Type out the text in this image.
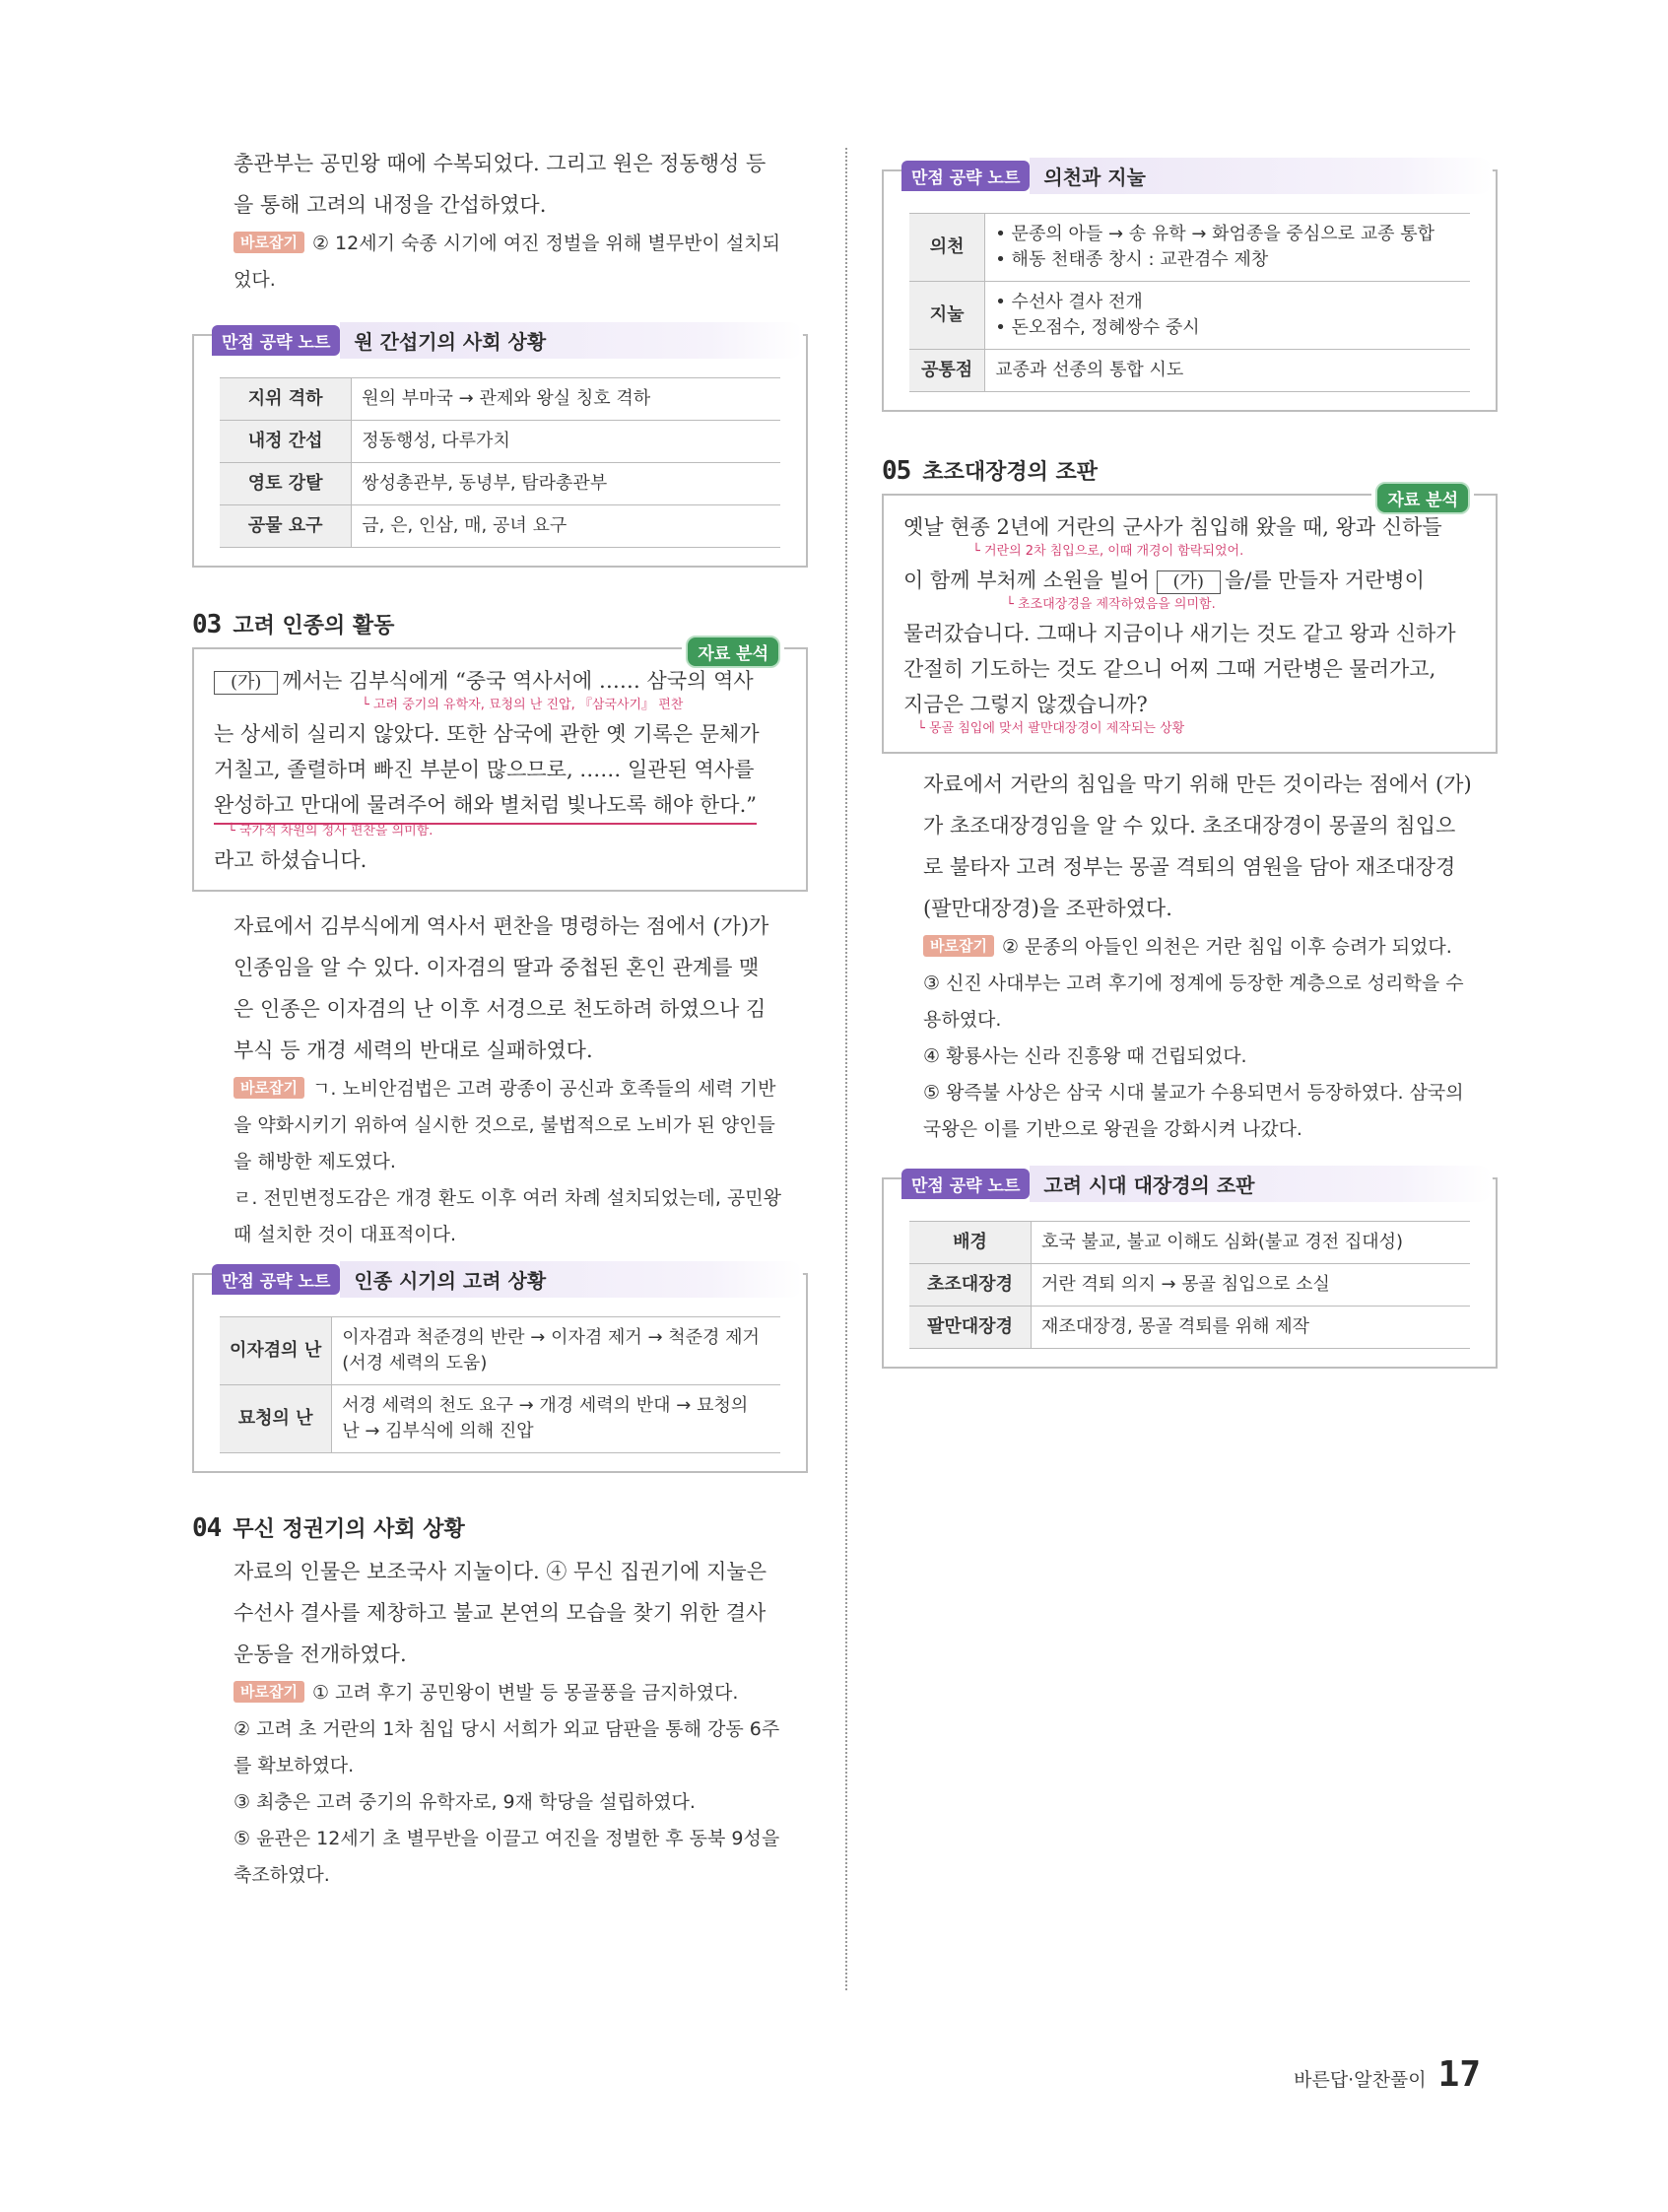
총관부는 공민왕 때에 수복되었다. 그리고 원은 정동행성 등

을 통해 고려의 내정을 간섭하였다.

바로잡기 ② 12세기 숙종 시기에 여진 정벌을 위해 별무반이 설치되

었다.

만점 공략 노트	원 간섭기의 사회 상황
지위 격하	원의 부마국 → 관제와 왕실 칭호 격하
내정 간섭	정동행성, 다루가치
영토 강탈	쌍성총관부, 동녕부, 탐라총관부
공물 요구	금, 은, 인삼, 매, 공녀 요구
03 고려 인종의 활동
자료 분석
(가) 께서는 김부식에게 “중국 역사서에 …… 삼국의 역사
└ 고려 중기의 유학자, 묘청의 난 진압, 『삼국사기』 편찬
는 상세히 실리지 않았다. 또한 삼국에 관한 옛 기록은 문체가
거칠고, 졸렬하며 빠진 부분이 많으므로, …… 일관된 역사를
완성하고 만대에 물려주어 해와 별처럼 빛나도록 해야 한다.”
└ 국가적 차원의 정사 편찬을 의미함.
라고 하셨습니다.

자료에서 김부식에게 역사서 편찬을 명령하는 점에서 (가)가

인종임을 알 수 있다. 이자겸의 딸과 중첩된 혼인 관계를 맺

은 인종은 이자겸의 난 이후 서경으로 천도하려 하였으나 김

부식 등 개경 세력의 반대로 실패하였다.

바로잡기 ㄱ. 노비안검법은 고려 광종이 공신과 호족들의 세력 기반

을 약화시키기 위하여 실시한 것으로, 불법적으로 노비가 된 양인들

을 해방한 제도였다.

ㄹ. 전민변정도감은 개경 환도 이후 여러 차례 설치되었는데, 공민왕

때 설치한 것이 대표적이다.

만점 공략 노트	인종 시기의 고려 상황
이자겸의 난	이자겸과 척준경의 반란 → 이자겸 제거 → 척준경 제거(서경 세력의 도움)
묘청의 난	서경 세력의 천도 요구 → 개경 세력의 반대 → 묘청의 난 → 김부식에 의해 진압
04 무신 정권기의 사회 상황

자료의 인물은 보조국사 지눌이다. ④ 무신 집권기에 지눌은

수선사 결사를 제창하고 불교 본연의 모습을 찾기 위한 결사

운동을 전개하였다.

바로잡기 ① 고려 후기 공민왕이 변발 등 몽골풍을 금지하였다.

② 고려 초 거란의 1차 침입 당시 서희가 외교 담판을 통해 강동 6주

를 확보하였다.

③ 최충은 고려 중기의 유학자로, 9재 학당을 설립하였다.

⑤ 윤관은 12세기 초 별무반을 이끌고 여진을 정벌한 후 동북 9성을

축조하였다.

만점 공략 노트	의천과 지눌
의천	• 문종의 아들 → 송 유학 → 화엄종을 중심으로 교종 통합
• 해동 천태종 창시 : 교관겸수 제창

지눌	• 수선사 결사 전개
• 돈오점수, 정혜쌍수 중시

공통점	교종과 선종의 통합 시도
05 초조대장경의 조판
자료 분석
옛날 현종 2년에 거란의 군사가 침입해 왔을 때, 왕과 신하들
└ 거란의 2차 침입으로, 이때 개경이 함락되었어.
이 함께 부처께 소원을 빌어 (가) 을/를 만들자 거란병이
└ 초조대장경을 제작하였음을 의미함.
물러갔습니다. 그때나 지금이나 새기는 것도 같고 왕과 신하가
간절히 기도하는 것도 같으니 어찌 그때 거란병은 물러가고,
지금은 그렇지 않겠습니까?
└ 몽골 침입에 맞서 팔만대장경이 제작되는 상황

자료에서 거란의 침입을 막기 위해 만든 것이라는 점에서 (가)

가 초조대장경임을 알 수 있다. 초조대장경이 몽골의 침입으

로 불타자 고려 정부는 몽골 격퇴의 염원을 담아 재조대장경

(팔만대장경)을 조판하였다.

바로잡기 ② 문종의 아들인 의천은 거란 침입 이후 승려가 되었다.

③ 신진 사대부는 고려 후기에 정계에 등장한 계층으로 성리학을 수

용하였다.

④ 황룡사는 신라 진흥왕 때 건립되었다.

⑤ 왕즉불 사상은 삼국 시대 불교가 수용되면서 등장하였다. 삼국의

국왕은 이를 기반으로 왕권을 강화시켜 나갔다.

만점 공략 노트	고려 시대 대장경의 조판
배경	호국 불교, 불교 이해도 심화(불교 경전 집대성)
초조대장경	거란 격퇴 의지 → 몽골 침입으로 소실
팔만대장경	재조대장경, 몽골 격퇴를 위해 제작
바른답·알찬풀이 17
